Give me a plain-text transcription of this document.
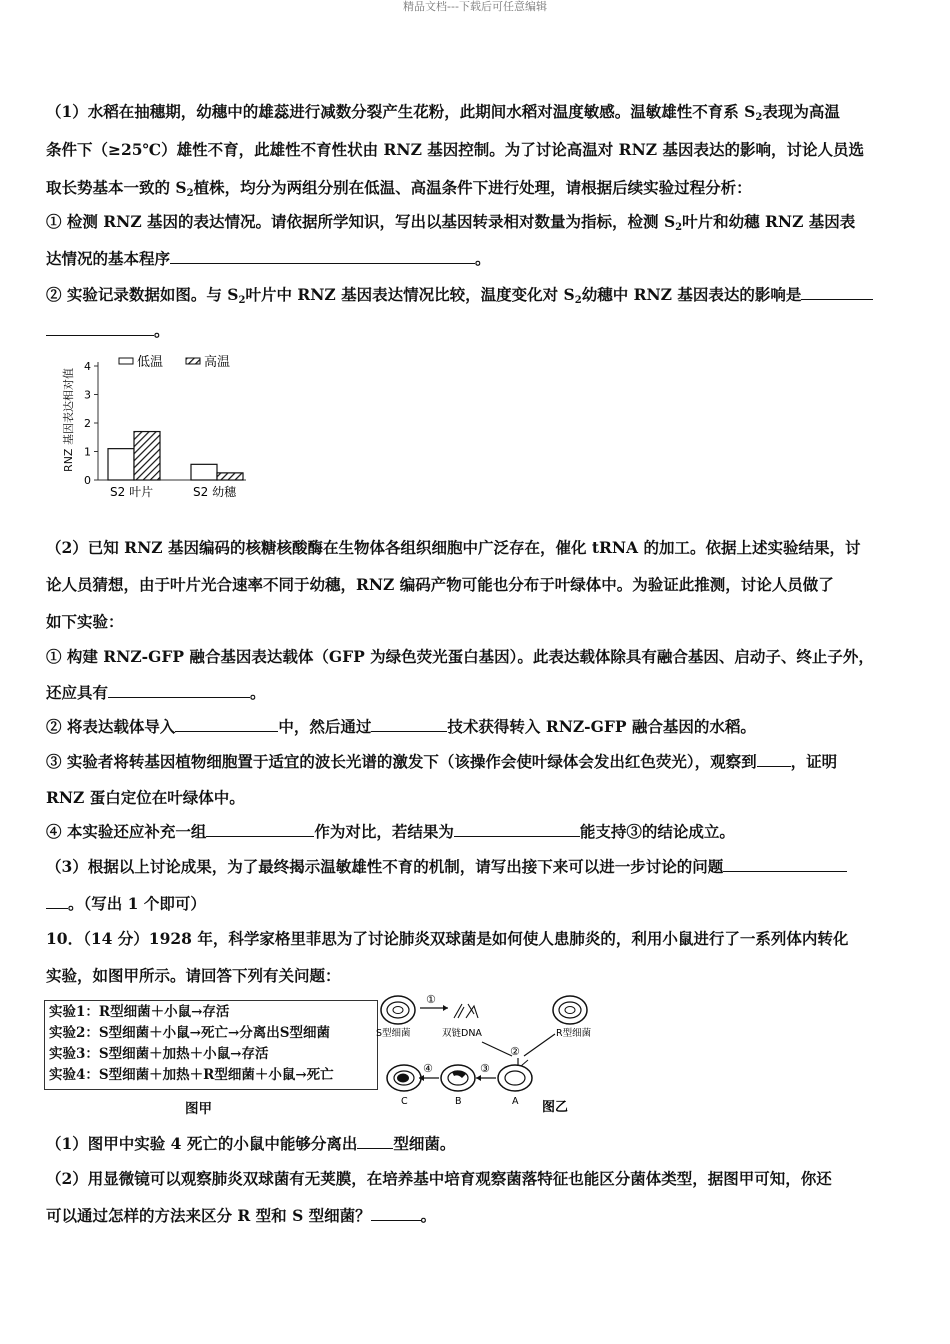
精品文档---下载后可任意编辑
（1）水稻在抽穗期，幼穗中的雄蕊进行减数分裂产生花粉，此期间水稻对温度敏感。温敏雄性不育系 $S_2$表现为高温
条件下（≥25℃）雄性不育，此雄性不育性状由 RNZ 基因控制。为了讨论高温对 RNZ 基因表达的影响，讨论人员选
取长势基本一致的 $S_2$植株，均分为两组分别在低温、高温条件下进行处理，请根据后续实验过程分析：
① 检测 RNZ 基因的表达情况。请依据所学知识，写出以基因转录相对数量为指标，检测 $S_2$叶片和幼穗 RNZ 基因表
达情况的基本程序	。
② 实验记录数据如图。与 $S_2$叶片中 RNZ 基因表达情况比较，温度变化对 $S_2$幼穗中 RNZ 基因表达的影响是
。
RNZ 基因表达相对值
0
1
2
3
4
S2 叶片	S2 幼穗
低温	高温
（2）已知 RNZ 基因编码的核糖核酸酶在生物体各组织细胞中广泛存在，催化 tRNA 的加工。依据上述实验结果，讨
论人员猜想，由于叶片光合速率不同于幼穗，RNZ 编码产物可能也分布于叶绿体中。为验证此推测，讨论人员做了
如下实验：
① 构建 RNZ-GFP 融合基因表达载体（GFP 为绿色荧光蛋白基因）。此表达载体除具有融合基因、启动子、终止子外，
还应具有	。
② 将表达载体导入	中，然后通过	技术获得转入 RNZ-GFP 融合基因的水稻。
③ 实验者将转基因植物细胞置于适宜的波长光谱的激发下（该操作会使叶绿体会发出红色荧光），观察到 ，证明
RNZ 蛋白定位在叶绿体中。
④ 本实验还应补充一组	作为对比，若结果为	能支持③的结论成立。
（3）根据以上讨论成果，为了最终揭示温敏雄性不育的机制，请写出接下来可以进一步讨论的问题
。（写出 1 个即可）
10．（14 分）1928 年，科学家格里菲思为了讨论肺炎双球菌是如何使人患肺炎的，利用小鼠进行了一系列体内转化
实验，如图甲所示。请回答下列有关问题：
实验1：R型细菌＋小鼠→存活
实验2：S型细菌＋小鼠→死亡→分离出S型细菌
实验3：S型细菌＋加热＋小鼠→存活
实验4：S型细菌＋加热＋R型细菌＋小鼠→死亡
图甲
S型细菌
①
双链DNA	R型细菌
②
A
③
B
④
C	图乙
（1）图甲中实验 4 死亡的小鼠中能够分离出 型细菌。
（2）用显微镜可以观察肺炎双球菌有无荚膜，在培养基中培育观察菌落特征也能区分菌体类型，据图甲可知，你还
可以通过怎样的方法来区分 R 型和 S 型细菌？	。
